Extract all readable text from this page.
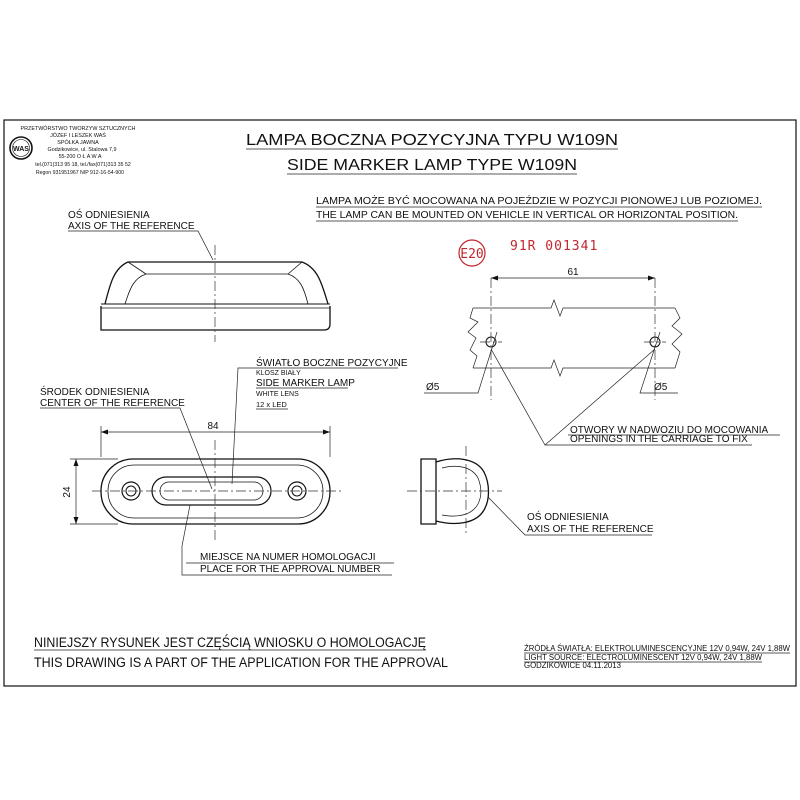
WAS
PRZETWÓRSTWO TWORZYW SZTUCZNYCH
JÓZEF I LESZEK WAŚ
SPÓŁKA JAWNA
Godzikowice, ul. Stalowa 7,9
55-200 O Ł A W A
tel.(071)313 95 18, tel./fax(071)313 35 52
Regon 931951967 NIP 912-16-54-900
LAMPA BOCZNA POZYCYJNA TYPU W109N
SIDE MARKER LAMP TYPE W109N
LAMPA MOŻE BYĆ MOCOWANA NA POJEŹDZIE W POZYCJI PIONOWEJ LUB POZIOMEJ.
THE LAMP CAN BE MOUNTED ON VEHICLE IN VERTICAL OR HORIZONTAL POSITION.
E20
91R 001341
OŚ ODNIESIENIA
AXIS OF THE REFERENCE
84
24
ŚWIATŁO BOCZNE POZYCYJNE
KLOSZ BIAŁY
SIDE MARKER LAMP
WHITE LENS
12 x LED
ŚRODEK ODNIESIENIA
CENTER OF THE REFERENCE
MIEJSCE NA NUMER HOMOLOGACJI
PLACE FOR THE APPROVAL NUMBER
OŚ ODNIESIENIA
AXIS OF THE REFERENCE
61
Ø5	Ø5
OTWORY W NADWOZIU DO MOCOWANIA
OPENINGS IN THE CARRIAGE TO FIX
NINIEJSZY RYSUNEK JEST CZĘŚCIĄ WNIOSKU O HOMOLOGACJĘ
THIS DRAWING IS A PART OF THE APPLICATION FOR THE APPROVAL
ŹRÓDŁA ŚWIATŁA: ELEKTROLUMINESCENCYJNE 12V 0,94W, 24V 1,88W
LIGHT SOURCE: ELECTROLUMINESCENT 12V 0,94W, 24V 1,88W
GODZIKOWICE 04.11.2013
